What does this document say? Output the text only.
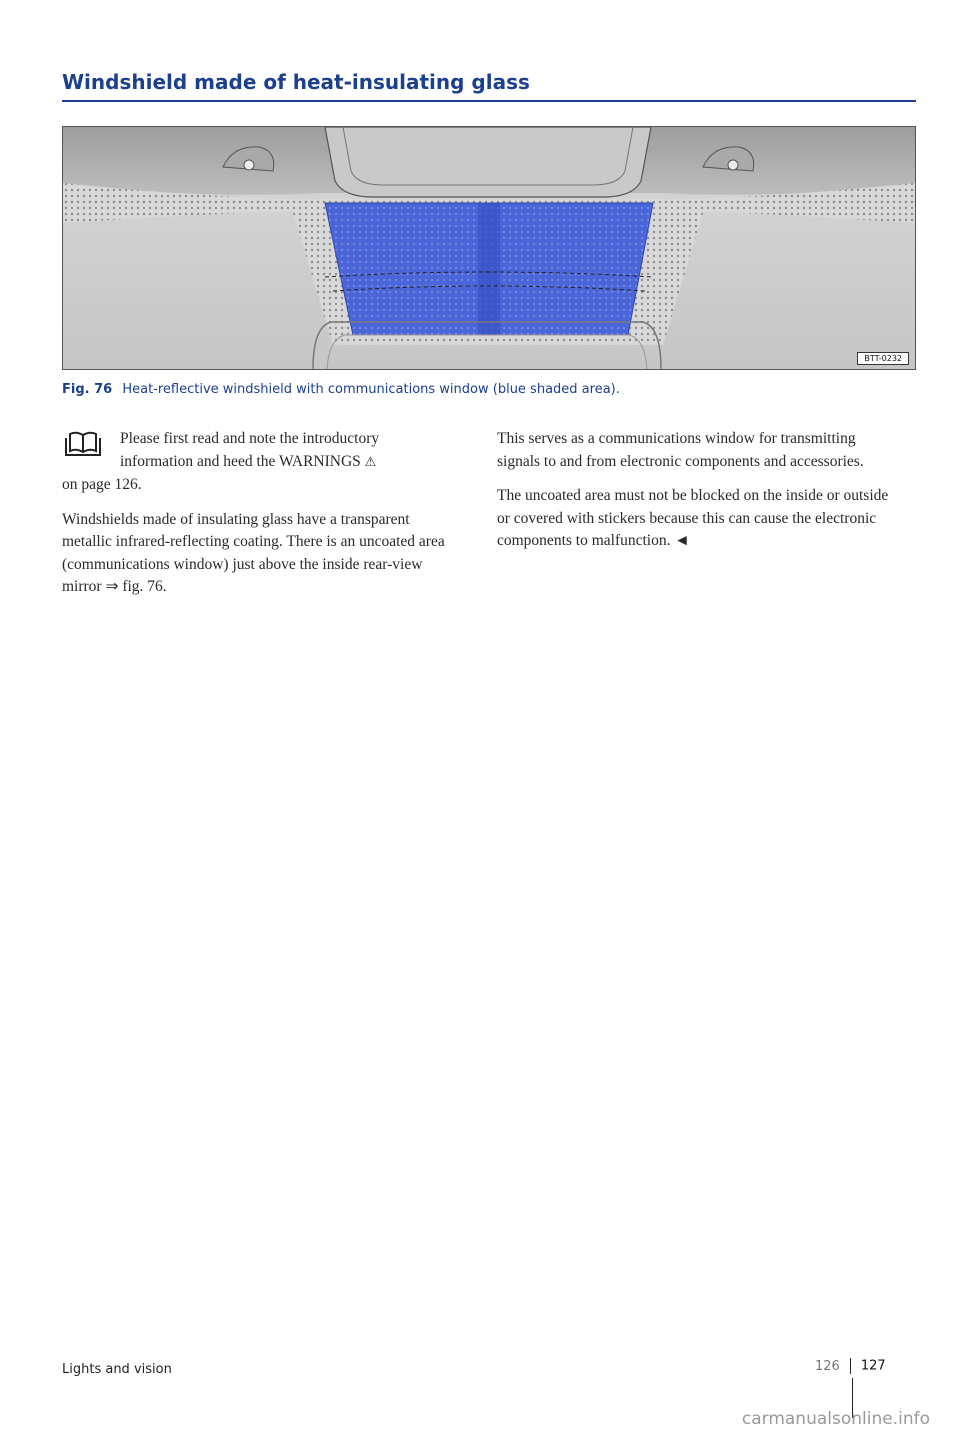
Windshield made of heat-insulating glass
BTT-0232
Fig. 76 Heat-reflective windshield with communications window (blue shaded area).

Please first read and note the introductory
information and heed the WARNINGS ⚠
on page 126.

Windshields made of insulating glass have a transparent metallic infrared-reflecting coating. There is an uncoated area (communications window) just above the inside rear-view mirror ⇒ fig. 76.

This serves as a communications window for transmitting signals to and from electronic components and accessories.

The uncoated area must not be blocked on the inside or outside or covered with stickers because this can cause the electronic components to malfunction. ◄

Lights and vision	126 127
carmanualsonline.info
